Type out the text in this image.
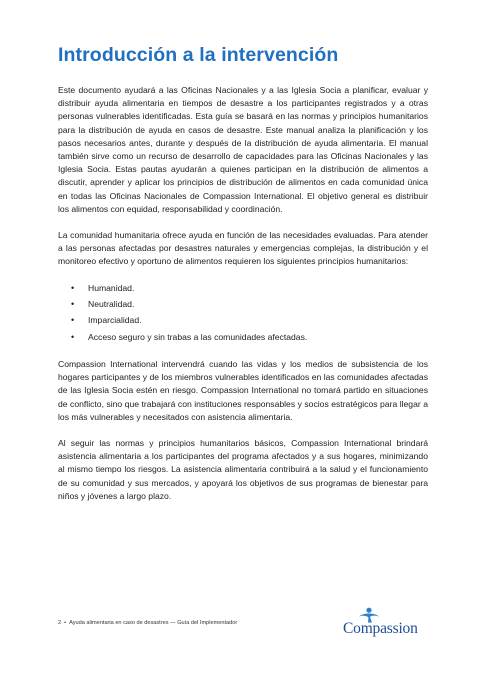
Introducción a la intervención

Este documento ayudará a las Oficinas Nacionales y a las Iglesia Socia a planificar, evaluar y distribuir ayuda alimentaria en tiempos de desastre a los participantes registrados y a otras personas vulnerables identificadas. Esta guía se basará en las normas y principios humanitarios para la distribución de ayuda en casos de desastre. Este manual analiza la planificación y los pasos necesarios antes, durante y después de la distribución de ayuda alimentaria. El manual también sirve como un recurso de desarrollo de capacidades para las Oficinas Nacionales y las Iglesia Socia. Estas pautas ayudarán a quienes participan en la distribución de alimentos a discutir, aprender y aplicar los principios de distribución de alimentos en cada comunidad única en todas las Oficinas Nacionales de Compassion International. El objetivo general es distribuir los alimentos con equidad, responsabilidad y coordinación.

La comunidad humanitaria ofrece ayuda en función de las necesidades evaluadas. Para atender a las personas afectadas por desastres naturales y emergencias complejas, la distribución y el monitoreo efectivo y oportuno de alimentos requieren los siguientes principios humanitarios:

• Humanidad.
• Neutralidad.
• Imparcialidad.
• Acceso seguro y sin trabas a las comunidades afectadas.

Compassion International intervendrá cuando las vidas y los medios de subsistencia de los hogares participantes y de los miembros vulnerables identificados en las comunidades afectadas de las Iglesia Socia estén en riesgo. Compassion International no tomará partido en situaciones de conflicto, sino que trabajará con instituciones responsables y socios estratégicos para llegar a los más vulnerables y necesitados con asistencia alimentaria.

Al seguir las normas y principios humanitarios básicos, Compassion International brindará asistencia alimentaria a los participantes del programa afectados y a sus hogares, minimizando al mismo tiempo los riesgos. La asistencia alimentaria contribuirá a la salud y el funcionamiento de su comunidad y sus mercados, y apoyará los objetivos de sus programas de bienestar para niños y jóvenes a largo plazo.

2 • Ayuda alimentaria en caso de desastres — Guía del Implementador	Compassion
